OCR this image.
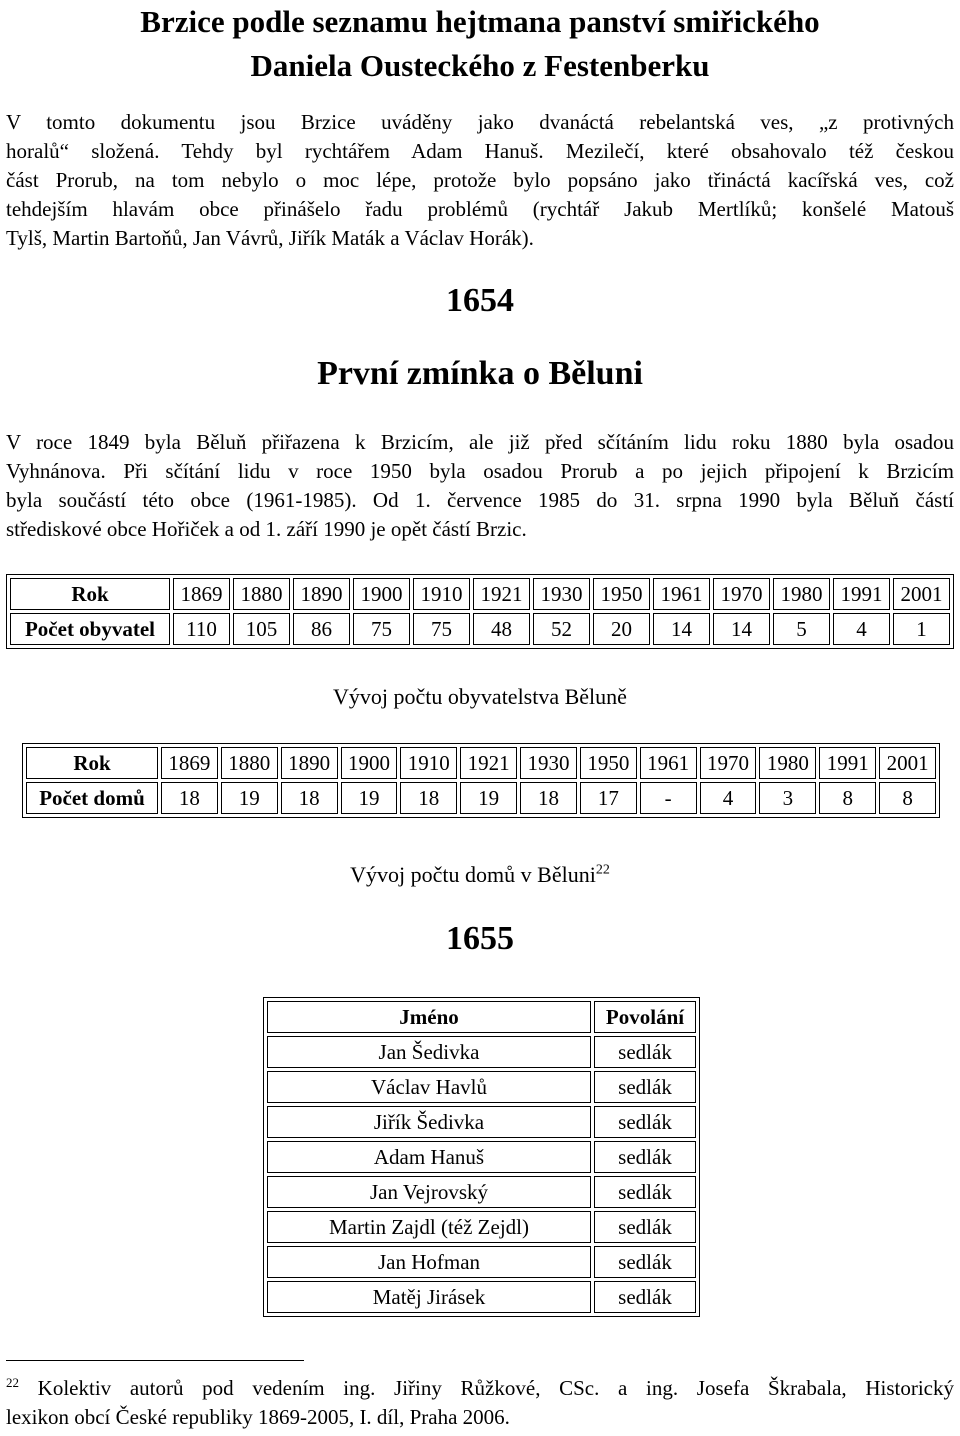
Brzice podle seznamu hejtmana panství smiřického
Daniela Ousteckého z Festenberku
V tomto dokumentu jsou Brzice uváděny jako dvanáctá rebelantská ves, „z protivných
horalů“ složená. Tehdy byl rychtářem Adam Hanuš. Mezilečí, které obsahovalo též českou
část Prorub, na tom nebylo o moc lépe, protože bylo popsáno jako třináctá kacířská ves, což
tehdejším hlavám obce přinášelo řadu problémů (rychtář Jakub Mertlíků; konšelé Matouš
Tylš, Martin Bartoňů, Jan Vávrů, Jiřík Maták a Václav Horák).
1654
První zmínka o Běluni
V roce 1849 byla Běluň přiřazena k Brzicím, ale již před sčítáním lidu roku 1880 byla osadou
Vyhnánova. Při sčítání lidu v roce 1950 byla osadou Prorub a po jejich připojení k Brzicím
byla součástí této obce (1961-1985). Od 1. července 1985 do 31. srpna 1990 byla Běluň částí
střediskové obce Hořiček a od 1. září 1990 je opět částí Brzic.
Rok	1869	1880	1890	1900	1910	1921	1930	1950	1961	1970	1980	1991	2001
Počet obyvatel	110	105	86	75	75	48	52	20	14	14	5	4	1
Vývoj počtu obyvatelstva Běluně
Rok	1869	1880	1890	1900	1910	1921	1930	1950	1961	1970	1980	1991	2001
Počet domů	18	19	18	19	18	19	18	17	-	4	3	8	8
Vývoj počtu domů v Běluni$^{22}$
1655
Jméno	Povolání
Jan Šedivka	sedlák
Václav Havlů	sedlák
Jiřík Šedivka	sedlák
Adam Hanuš	sedlák
Jan Vejrovský	sedlák
Martin Zajdl (též Zejdl)	sedlák
Jan Hofman	sedlák
Matěj Jirásek	sedlák
$^{22}$ Kolektiv autorů pod vedením ing. Jiřiny Růžkové, CSc. a ing. Josefa Škrabala, Historický
lexikon obcí České republiky 1869-2005, I. díl, Praha 2006.
